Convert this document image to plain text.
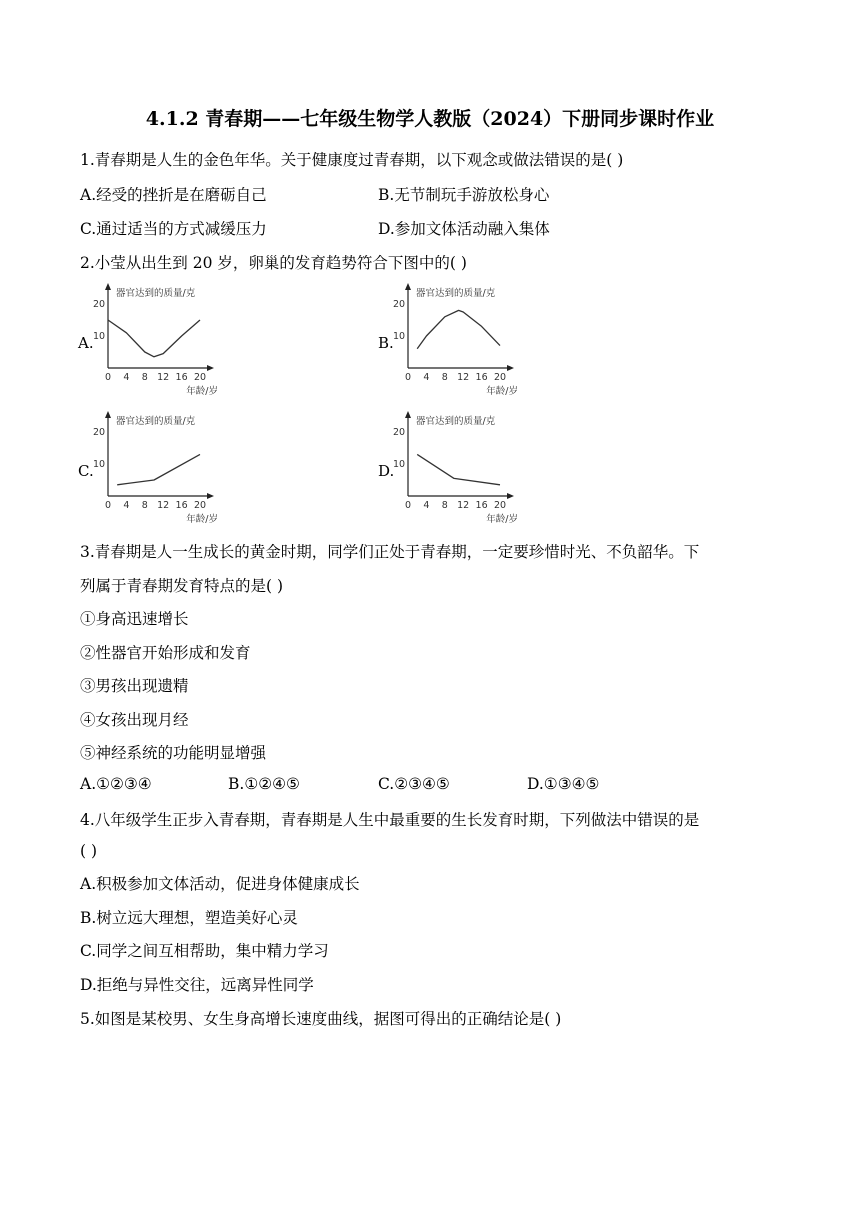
4.1.2 青春期——七年级生物学人教版（2024）下册同步课时作业
1.青春期是人生的金色年华。关于健康度过青春期，以下观念或做法错误的是( )
A.经受的挫折是在磨砺自己	B.无节制玩手游放松身心
C.通过适当的方式减缓压力	D.参加文体活动融入集体
2.小莹从出生到 20 岁，卵巢的发育趋势符合下图中的( )
A.
器官达到的质量/克
10
20
0 4 8 12 16 20
年龄/岁
B.
器官达到的质量/克
10
20
0 4 8 12 16 20
年龄/岁
C.
器官达到的质量/克
10
20
0 4 8 12 16 20
年龄/岁
D.
器官达到的质量/克
10
20
0 4 8 12 16 20
年龄/岁
3.青春期是人一生成长的黄金时期，同学们正处于青春期，一定要珍惜时光、不负韶华。下
列属于青春期发育特点的是( )
①身高迅速增长
②性器官开始形成和发育
③男孩出现遗精
④女孩出现月经
⑤神经系统的功能明显增强
A.①②③④	B.①②④⑤	C.②③④⑤	D.①③④⑤
4.八年级学生正步入青春期，青春期是人生中最重要的生长发育时期，下列做法中错误的是
( )
A.积极参加文体活动，促进身体健康成长
B.树立远大理想，塑造美好心灵
C.同学之间互相帮助，集中精力学习
D.拒绝与异性交往，远离异性同学
5.如图是某校男、女生身高增长速度曲线，据图可得出的正确结论是( )
